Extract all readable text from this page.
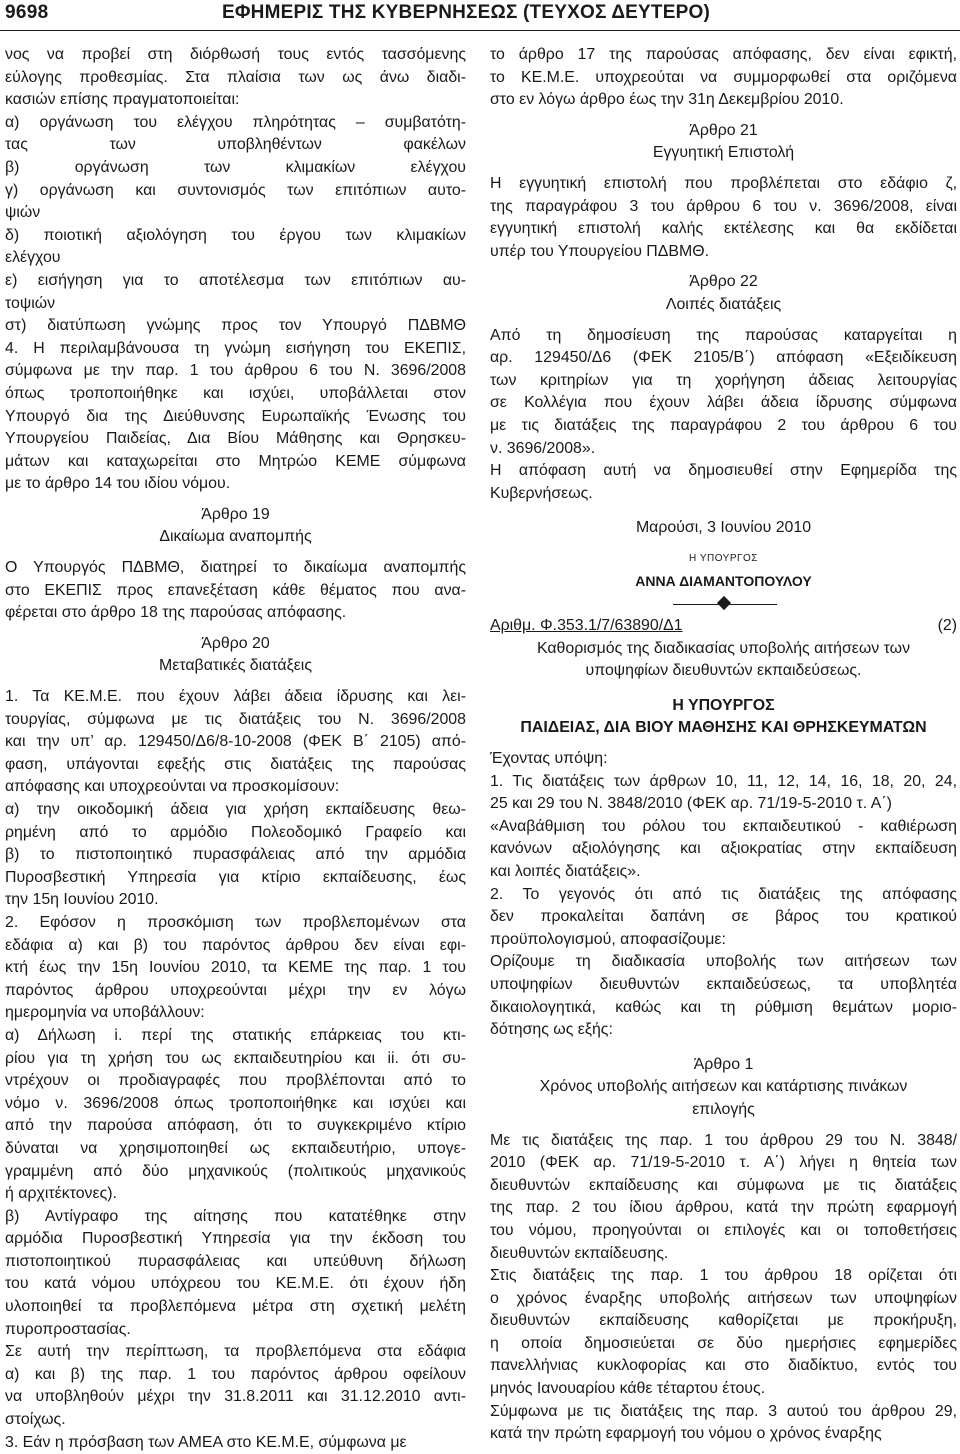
9698	ΕΦΗΜΕΡΙΣ ΤΗΣ ΚΥΒΕΡΝΗΣΕΩΣ (ΤΕΥΧΟΣ ΔΕΥΤΕΡΟ)
νος να προβεί στη διόρθωσή τους εντός τασσόμενης
εύλογης προθεσμίας. Στα πλαίσια των ως άνω διαδι-
κασιών επίσης πραγματοποιείται:
α) οργάνωση του ελέγχου πληρότητας – συμβατότη-
τας των υποβληθέντων φακέλων
β) οργάνωση των κλιμακίων ελέγχου
γ) οργάνωση και συντονισμός των επιτόπιων αυτο-
ψιών
δ) ποιοτική αξιολόγηση του έργου των κλιμακίων
ελέγχου
ε) εισήγηση για το αποτέλεσμα των επιτόπιων αυ-
τοψιών
στ) διατύπωση γνώμης προς τον Υπουργό ΠΔΒΜΘ
4. Η περιλαμβάνουσα τη γνώμη εισήγηση του ΕΚΕΠΙΣ,
σύμφωνα με την παρ. 1 του άρθρου 6 του Ν. 3696/2008
όπως τροποποιήθηκε και ισχύει, υποβάλλεται στον
Υπουργό δια της Διεύθυνσης Ευρωπαϊκής Ένωσης του
Υπουργείου Παιδείας, Δια Βίου Μάθησης και Θρησκευ-
μάτων και καταχωρείται στο Μητρώο ΚΕΜΕ σύμφωνα
με το άρθρο 14 του ιδίου νόμου.
Άρθρο 19
Δικαίωμα αναπομπής
Ο Υπουργός ΠΔΒΜΘ, διατηρεί το δικαίωμα αναπομπής
στο ΕΚΕΠΙΣ προς επανεξέταση κάθε θέματος που ανα-
φέρεται στο άρθρο 18 της παρούσας απόφασης.
Άρθρο 20
Μεταβατικές διατάξεις
1. Τα ΚΕ.Μ.Ε. που έχουν λάβει άδεια ίδρυσης και λει-
τουργίας, σύμφωνα με τις διατάξεις του Ν. 3696/2008
και την υπ’ αρ. 129450/Δ6/8-10-2008 (ΦΕΚ Β΄ 2105) από-
φαση, υπάγονται εφεξής στις διατάξεις της παρούσας
απόφασης και υποχρεούνται να προσκομίσουν:
α) την οικοδομική άδεια για χρήση εκπαίδευσης θεω-
ρημένη από το αρμόδιο Πολεοδομικό Γραφείο και
β) το πιστοποιητικό πυρασφάλειας από την αρμόδια
Πυροσβεστική Υπηρεσία για κτίριο εκπαίδευσης, έως
την 15η Ιουνίου 2010.
2. Εφόσον η προσκόμιση των προβλεπομένων στα
εδάφια α) και β) του παρόντος άρθρου δεν είναι εφι-
κτή έως την 15η Ιουνίου 2010, τα ΚΕΜΕ της παρ. 1 του
παρόντος άρθρου υποχρεούνται μέχρι την εν λόγω
ημερομηνία να υποβάλλουν:
α) Δήλωση i. περί της στατικής επάρκειας του κτι-
ρίου για τη χρήση του ως εκπαιδευτηρίου και ii. ότι συ-
ντρέχουν οι προδιαγραφές που προβλέπονται από το
νόμο ν. 3696/2008 όπως τροποποιήθηκε και ισχύει και
από την παρούσα απόφαση, ότι το συγκεκριμένο κτίριο
δύναται να χρησιμοποιηθεί ως εκπαιδευτήριο, υπογε-
γραμμένη από δύο μηχανικούς (πολιτικούς μηχανικούς
ή αρχιτέκτονες).
β) Αντίγραφο της αίτησης που κατατέθηκε στην
αρμόδια Πυροσβεστική Υπηρεσία για την έκδοση του
πιστοποιητικού πυρασφάλειας και υπεύθυνη δήλωση
του κατά νόμου υπόχρεου του ΚΕ.Μ.Ε. ότι έχουν ήδη
υλοποιηθεί τα προβλεπόμενα μέτρα στη σχετική μελέτη
πυροπροστασίας.
Σε αυτή την περίπτωση, τα προβλεπόμενα στα εδάφια
α) και β) της παρ. 1 του παρόντος άρθρου οφείλουν
να υποβληθούν μέχρι την 31.8.2011 και 31.12.2010 αντι-
στοίχως.
3. Εάν η πρόσβαση των ΑΜΕΑ στο ΚΕ.Μ.Ε, σύμφωνα με
το άρθρο 17 της παρούσας απόφασης, δεν είναι εφικτή,
το ΚΕ.Μ.Ε. υποχρεούται να συμμορφωθεί στα οριζόμενα
στο εν λόγω άρθρο έως την 31η Δεκεμβρίου 2010.
Άρθρο 21
Εγγυητική Επιστολή
Η εγγυητική επιστολή που προβλέπεται στο εδάφιο ζ,
της παραγράφου 3 του άρθρου 6 του ν. 3696/2008, είναι
εγγυητική επιστολή καλής εκτέλεσης και θα εκδίδεται
υπέρ του Υπουργείου ΠΔΒΜΘ.
Άρθρο 22
Λοιπές διατάξεις
Από τη δημοσίευση της παρούσας καταργείται η
αρ. 129450/Δ6 (ΦΕΚ 2105/Β΄) απόφαση «Εξειδίκευση
των κριτηρίων για τη χορήγηση άδειας λειτουργίας
σε Κολλέγια που έχουν λάβει άδεια ίδρυσης σύμφωνα
με τις διατάξεις της παραγράφου 2 του άρθρου 6 του
ν. 3696/2008».
Η απόφαση αυτή να δημοσιευθεί στην Εφημερίδα της
Κυβερνήσεως.
Μαρούσι, 3 Ιουνίου 2010
Η ΥΠΟΥΡΓΟΣ
ΑΝΝΑ ΔΙΑΜΑΝΤΟΠΟΥΛΟΥ
Αριθμ. Φ.353.1/7/63890/Δ1	(2)
Καθορισμός της διαδικασίας υποβολής αιτήσεων των
υποψηφίων διευθυντών εκπαιδεύσεως.
Η ΥΠΟΥΡΓΟΣ
ΠΑΙΔΕΙΑΣ, ΔΙΑ ΒΙΟΥ ΜΑΘΗΣΗΣ ΚΑΙ ΘΡΗΣΚΕΥΜΑΤΩΝ
Έχοντας υπόψη:
1. Τις διατάξεις των άρθρων 10, 11, 12, 14, 16, 18, 20, 24,
25 και 29 του Ν. 3848/2010 (ΦΕΚ αρ. 71/19-5-2010 τ. Α΄)
«Αναβάθμιση του ρόλου του εκπαιδευτικού - καθιέρωση
κανόνων αξιολόγησης και αξιοκρατίας στην εκπαίδευση
και λοιπές διατάξεις».
2. Το γεγονός ότι από τις διατάξεις της απόφασης
δεν προκαλείται δαπάνη σε βάρος του κρατικού
προϋπολογισμού, αποφασίζουμε:
Ορίζουμε τη διαδικασία υποβολής των αιτήσεων των
υποψηφίων διευθυντών εκπαιδεύσεως, τα υποβλητέα
δικαιολογητικά, καθώς και τη ρύθμιση θεμάτων μοριο-
δότησης ως εξής:
Άρθρο 1
Χρόνος υποβολής αιτήσεων και κατάρτισης πινάκων
επιλογής
Με τις διατάξεις της παρ. 1 του άρθρου 29 του Ν. 3848/
2010 (ΦΕΚ αρ. 71/19-5-2010 τ. Α΄) λήγει η θητεία των
διευθυντών εκπαίδευσης και σύμφωνα με τις διατάξεις
της παρ. 2 του ίδιου άρθρου, κατά την πρώτη εφαρμογή
του νόμου, προηγούνται οι επιλογές και οι τοποθετήσεις
διευθυντών εκπαίδευσης.
Στις διατάξεις της παρ. 1 του άρθρου 18 ορίζεται ότι
ο χρόνος έναρξης υποβολής αιτήσεων των υποψηφίων
διευθυντών εκπαίδευσης καθορίζεται με προκήρυξη,
η οποία δημοσιεύεται σε δύο ημερήσιες εφημερίδες
πανελλήνιας κυκλοφορίας και στο διαδίκτυο, εντός του
μηνός Ιανουαρίου κάθε τέταρτου έτους.
Σύμφωνα με τις διατάξεις της παρ. 3 αυτού του άρθρου 29,
κατά την πρώτη εφαρμογή του νόμου ο χρόνος έναρξης
